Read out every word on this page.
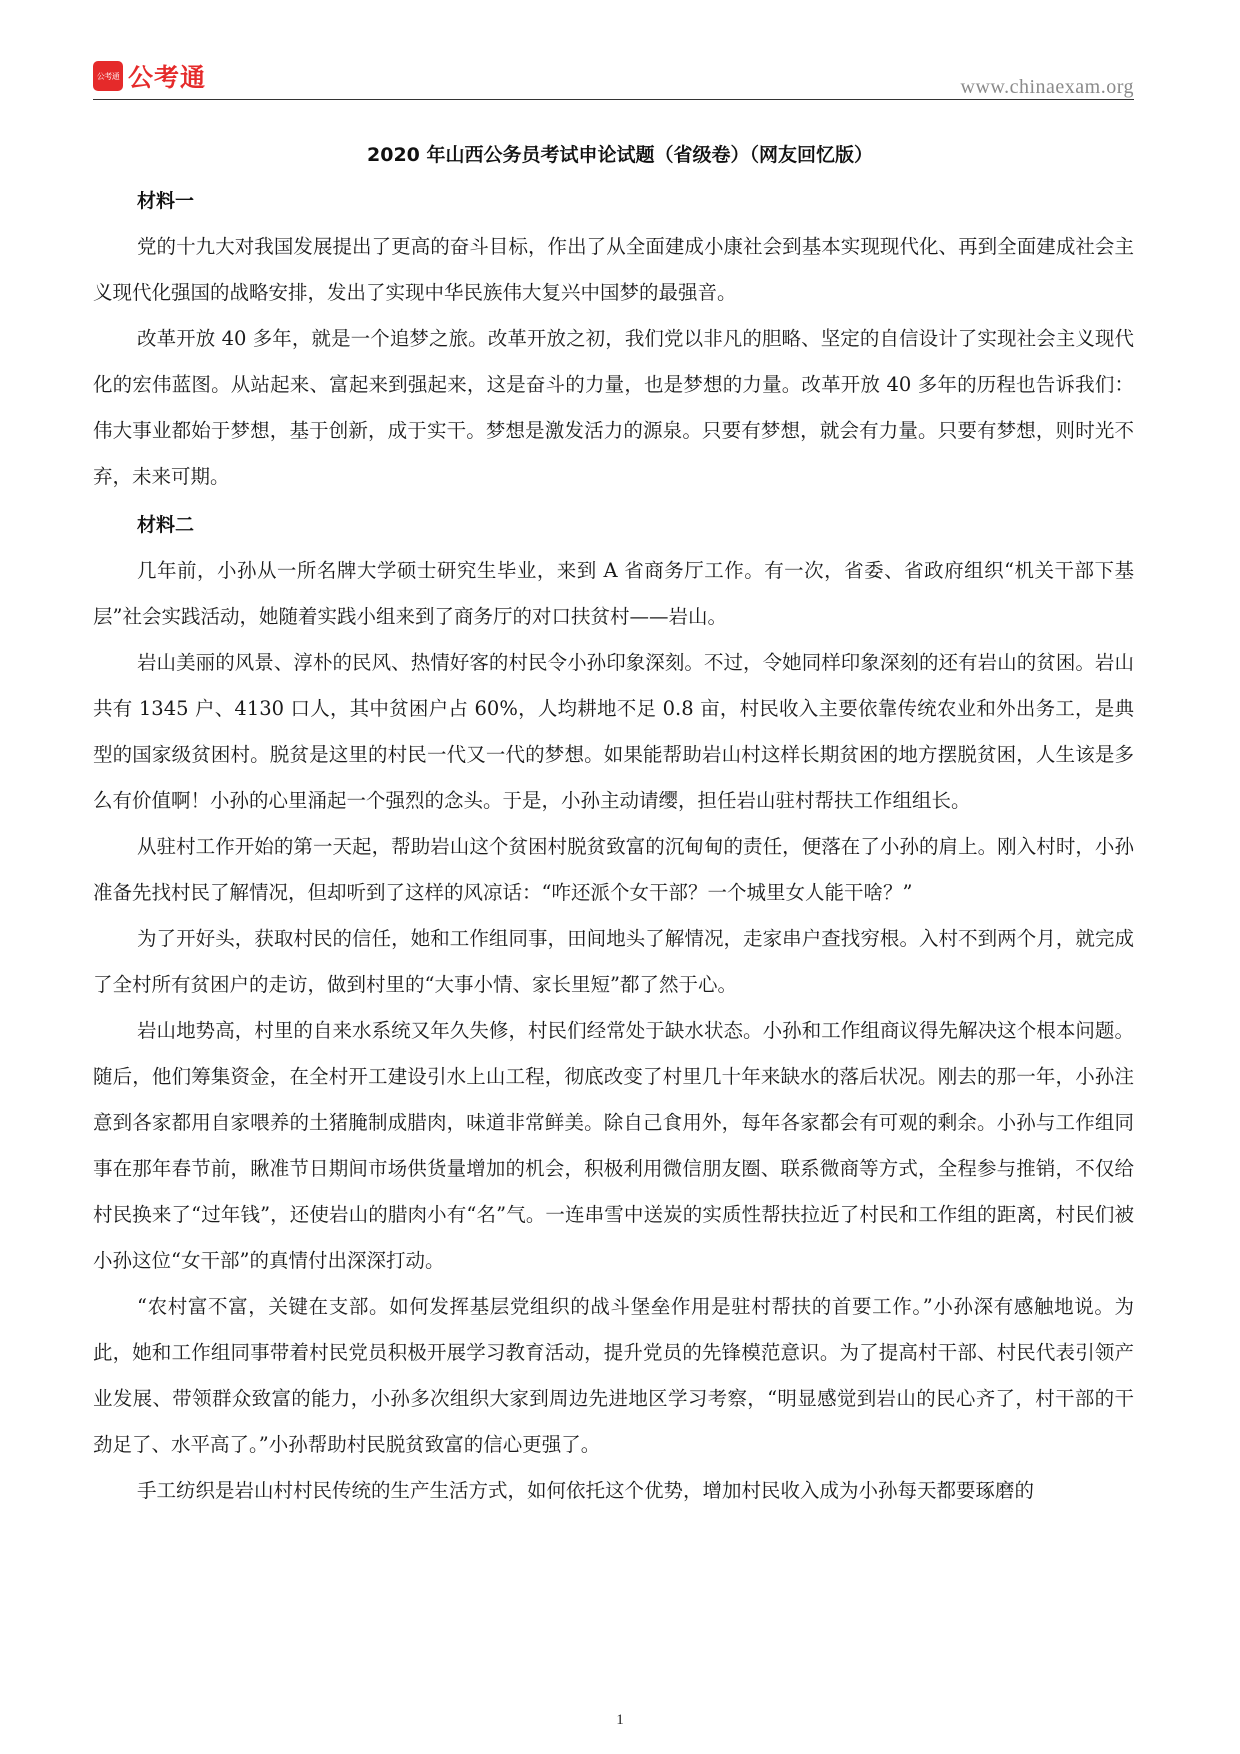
公考通 公考通	www.chinaexam.org
2020 年山西公务员考试申论试题（省级卷）（网友回忆版）
材料一

党的十九大对我国发展提出了更高的奋斗目标，作出了从全面建成小康社会到基本实现现代化、再到全面建成社会主义现代化强国的战略安排，发出了实现中华民族伟大复兴中国梦的最强音。

改革开放 40 多年，就是一个追梦之旅。改革开放之初，我们党以非凡的胆略、坚定的自信设计了实现社会主义现代化的宏伟蓝图。从站起来、富起来到强起来，这是奋斗的力量，也是梦想的力量。改革开放 40 多年的历程也告诉我们：伟大事业都始于梦想，基于创新，成于实干。梦想是激发活力的源泉。只要有梦想，就会有力量。只要有梦想，则时光不弃，未来可期。

材料二

几年前，小孙从一所名牌大学硕士研究生毕业，来到 A 省商务厅工作。有一次，省委、省政府组织“机关干部下基层”社会实践活动，她随着实践小组来到了商务厅的对口扶贫村——岩山。

岩山美丽的风景、淳朴的民风、热情好客的村民令小孙印象深刻。不过，令她同样印象深刻的还有岩山的贫困。岩山共有 1345 户、4130 口人，其中贫困户占 60%，人均耕地不足 0.8 亩，村民收入主要依靠传统农业和外出务工，是典型的国家级贫困村。脱贫是这里的村民一代又一代的梦想。如果能帮助岩山村这样长期贫困的地方摆脱贫困，人生该是多么有价值啊！小孙的心里涌起一个强烈的念头。于是，小孙主动请缨，担任岩山驻村帮扶工作组组长。

从驻村工作开始的第一天起，帮助岩山这个贫困村脱贫致富的沉甸甸的责任，便落在了小孙的肩上。刚入村时，小孙准备先找村民了解情况，但却听到了这样的风凉话：“咋还派个女干部？一个城里女人能干啥？”

为了开好头，获取村民的信任，她和工作组同事，田间地头了解情况，走家串户查找穷根。入村不到两个月，就完成了全村所有贫困户的走访，做到村里的“大事小情、家长里短”都了然于心。

岩山地势高，村里的自来水系统又年久失修，村民们经常处于缺水状态。小孙和工作组商议得先解决这个根本问题。随后，他们筹集资金，在全村开工建设引水上山工程，彻底改变了村里几十年来缺水的落后状况。刚去的那一年，小孙注意到各家都用自家喂养的土猪腌制成腊肉，味道非常鲜美。除自己食用外，每年各家都会有可观的剩余。小孙与工作组同事在那年春节前，瞅准节日期间市场供货量增加的机会，积极利用微信朋友圈、联系微商等方式，全程参与推销，不仅给村民换来了“过年钱”，还使岩山的腊肉小有“名”气。一连串雪中送炭的实质性帮扶拉近了村民和工作组的距离，村民们被小孙这位“女干部”的真情付出深深打动。

“农村富不富，关键在支部。如何发挥基层党组织的战斗堡垒作用是驻村帮扶的首要工作。”小孙深有感触地说。为此，她和工作组同事带着村民党员积极开展学习教育活动，提升党员的先锋模范意识。为了提高村干部、村民代表引领产业发展、带领群众致富的能力，小孙多次组织大家到周边先进地区学习考察，“明显感觉到岩山的民心齐了，村干部的干劲足了、水平高了。”小孙帮助村民脱贫致富的信心更强了。

手工纺织是岩山村村民传统的生产生活方式，如何依托这个优势，增加村民收入成为小孙每天都要琢磨的

1
